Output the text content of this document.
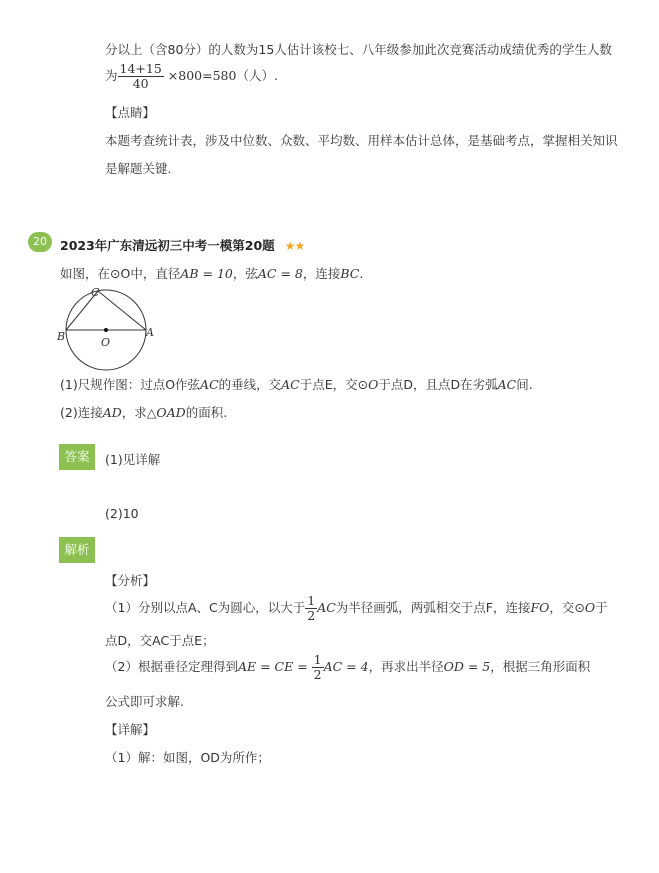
分以上（含80分）的人数为15人估计该校七、八年级参加此次竞赛活动成绩优秀的学生人数
为 $\frac{14+15}{40} \times 800=580$（人）.
【点睛】
本题考查统计表，涉及中位数、众数、平均数、用样本估计总体，是基础考点，掌握相关知识
是解题关键.
20	2023年广东清远初三中考一模第20题 ★★
如图，在⊙O中，直径AB = 10，弦AC = 8，连接BC.
C
B	A
O
(1)尺规作图：过点O作弦AC的垂线，交AC于点E，交⊙O于点D，且点D在劣弧AC间.
(2)连接AD，求△OAD的面积.
答案	(1)见详解
(2)10
解析
【分析】
（1）分别以点A、C为圆心，以大于 $\frac{1}{2}$ AC为半径画弧，两弧相交于点F，连接FO，交⊙O于
点D，交AC于点E；
（2）根据垂径定理得到AE = CE = $\frac{1}{2}$ AC = 4，再求出半径OD = 5，根据三角形面积
公式即可求解.
【详解】
（1）解：如图，OD为所作；
